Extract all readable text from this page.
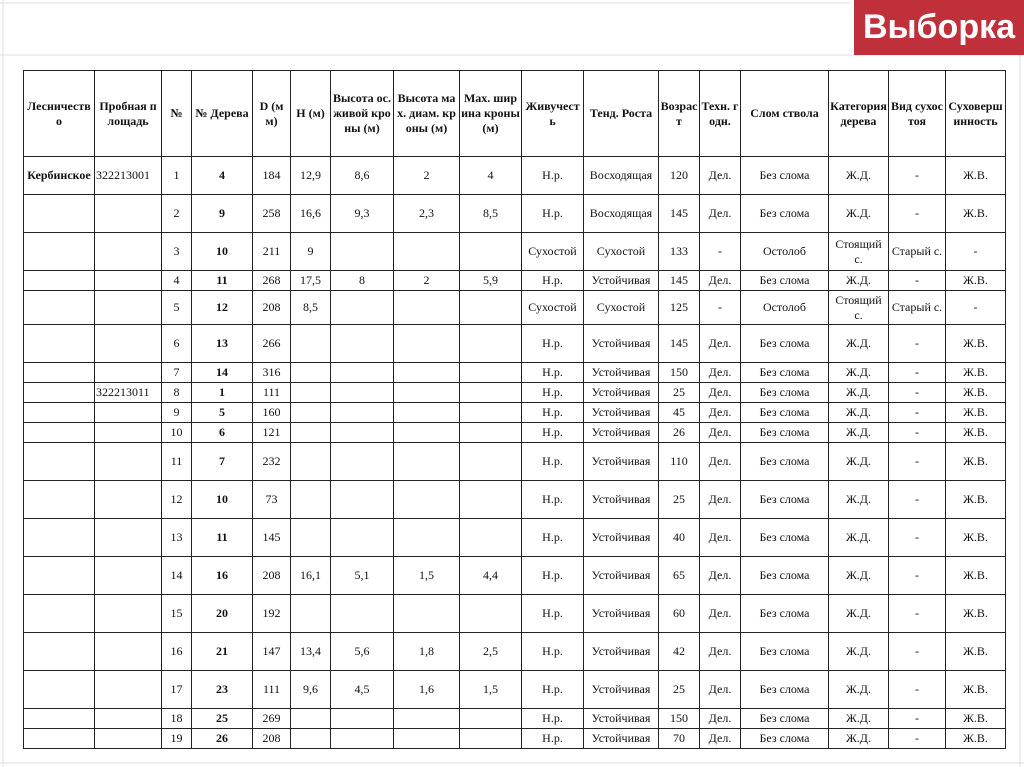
Выборка
Лесничество	Пробная площадь	№	№ Дерева	D (мм)	H (м)	Высота ос. живой кроны (м)	Высота мах. диам. кроны (м)	Мах. ширина кроны (м)	Живучесть	Тенд. Роста	Возраст	Техн. годн.	Слом ствола	Категория дерева	Вид сухостоя	Суховершинность
Кербинское	322213001	1	4	184	12,9	8,6	2	4	Н.р.	Восходящая	120	Дел.	Без слома	Ж.Д.	-	Ж.В.
		2	9	258	16,6	9,3	2,3	8,5	Н.р.	Восходящая	145	Дел.	Без слома	Ж.Д.	-	Ж.В.
		3	10	211	9				Сухостой	Сухостой	133	-	Остолоб	Стоящий с.	Старый с.	-
		4	11	268	17,5	8	2	5,9	Н.р.	Устойчивая	145	Дел.	Без слома	Ж.Д.	-	Ж.В.
		5	12	208	8,5				Сухостой	Сухостой	125	-	Остолоб	Стоящий с.	Старый с.	-
		6	13	266					Н.р.	Устойчивая	145	Дел.	Без слома	Ж.Д.	-	Ж.В.
		7	14	316					Н.р.	Устойчивая	150	Дел.	Без слома	Ж.Д.	-	Ж.В.
	322213011	8	1	111					Н.р.	Устойчивая	25	Дел.	Без слома	Ж.Д.	-	Ж.В.
		9	5	160					Н.р.	Устойчивая	45	Дел.	Без слома	Ж.Д.	-	Ж.В.
		10	6	121					Н.р.	Устойчивая	26	Дел.	Без слома	Ж.Д.	-	Ж.В.
		11	7	232					Н.р.	Устойчивая	110	Дел.	Без слома	Ж.Д.	-	Ж.В.
		12	10	73					Н.р.	Устойчивая	25	Дел.	Без слома	Ж.Д.	-	Ж.В.
		13	11	145					Н.р.	Устойчивая	40	Дел.	Без слома	Ж.Д.	-	Ж.В.
		14	16	208	16,1	5,1	1,5	4,4	Н.р.	Устойчивая	65	Дел.	Без слома	Ж.Д.	-	Ж.В.
		15	20	192					Н.р.	Устойчивая	60	Дел.	Без слома	Ж.Д.	-	Ж.В.
		16	21	147	13,4	5,6	1,8	2,5	Н.р.	Устойчивая	42	Дел.	Без слома	Ж.Д.	-	Ж.В.
		17	23	111	9,6	4,5	1,6	1,5	Н.р.	Устойчивая	25	Дел.	Без слома	Ж.Д.	-	Ж.В.
		18	25	269					Н.р.	Устойчивая	150	Дел.	Без слома	Ж.Д.	-	Ж.В.
		19	26	208					Н.р.	Устойчивая	70	Дел.	Без слома	Ж.Д.	-	Ж.В.
